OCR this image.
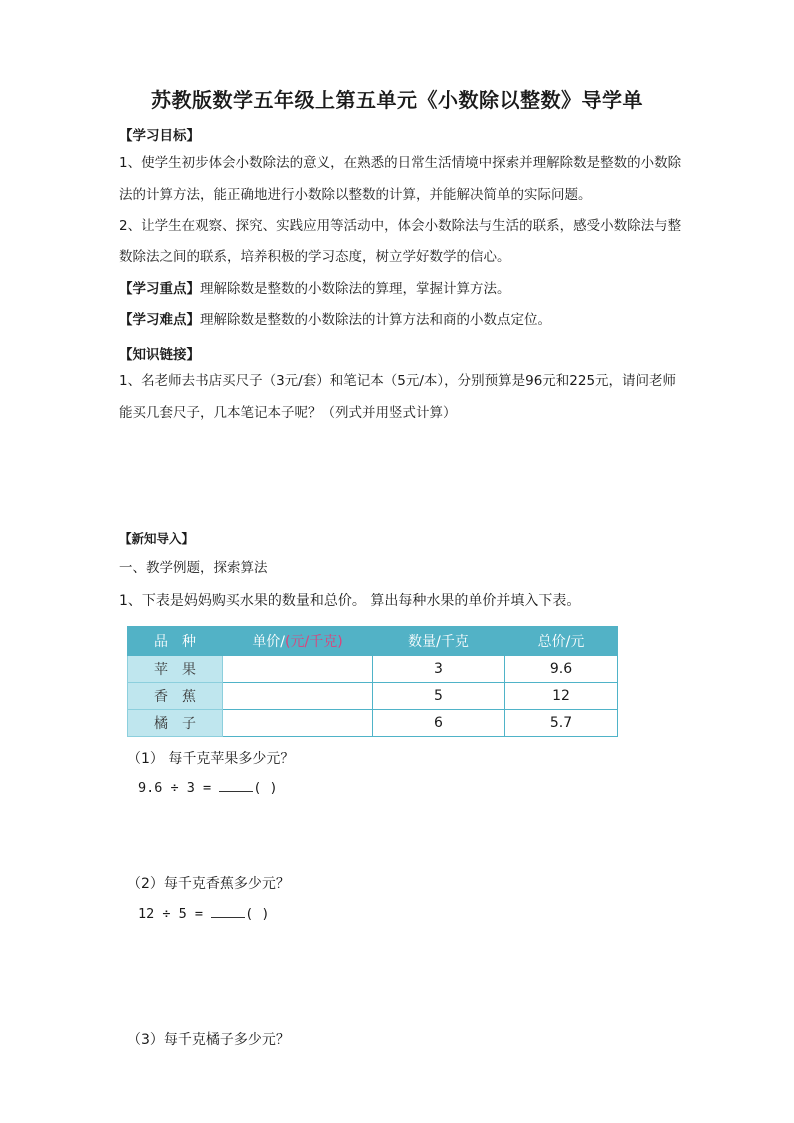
苏教版数学五年级上第五单元《小数除以整数》导学单
【学习目标】

1、使学生初步体会小数除法的意义，在熟悉的日常生活情境中探索并理解除数是整数的小数除

法的计算方法，能正确地进行小数除以整数的计算，并能解决简单的实际问题。

2、让学生在观察、探究、实践应用等活动中，体会小数除法与生活的联系，感受小数除法与整

数除法之间的联系，培养积极的学习态度，树立学好数学的信心。

【学习重点】理解除数是整数的小数除法的算理，掌握计算方法。
【学习难点】理解除数是整数的小数除法的计算方法和商的小数点定位。
【知识链接】
1、名老师去书店买尺子（3元/套）和笔记本（5元/本），分别预算是96元和225元，请问老师
能买几套尺子，几本笔记本子呢？（列式并用竖式计算）
【新知导入】
一、教学例题，探索算法
1、下表是妈妈购买水果的数量和总价。 算出每种水果的单价并填入下表。
品　种	单价/(元/千克)	数量/千克	总价/元
苹　果		3	9.6
香　蕉		5	12
橘　子		6	5.7
（1） 每千克苹果多少元？
9.6 ÷ 3 =	( )
（2）每千克香蕉多少元？
12 ÷ 5 =	( )
（3）每千克橘子多少元？
